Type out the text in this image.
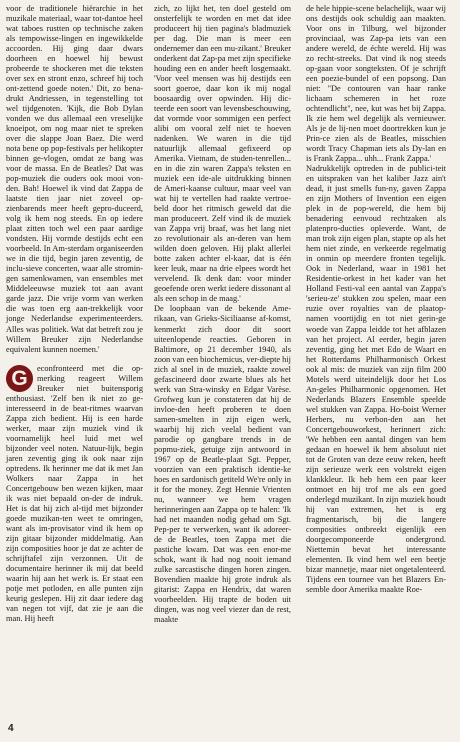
voor de traditionele hiërarchie in het muzikale materiaal, waar tot-dantoe heel wat taboes rustten op technische zaken als tempowisse-lingen en ingewikkelde accoorden. Hij ging daar dwars doorheen en hoewel hij bewust probeerde te shockeren met die teksten over sex en stront enzo, schreef hij toch ont-zettend goede noten.' Dit, zo bena-drukt Andriessen, in tegenstelling tot wel tijdgenoten. 'Kijk, die Bob Dylan vonden we dus allemaal een vreselijke knoeipot, om nog maar niet te spreken over die slappe Joan Baez. Die werd nota bene op pop-festivals per helikopter binnen ge-vlogen, omdat ze bang was voor de massa. En de Beatles? Dat was pop-muziek die ouders ook mooi von-den. Bah! Hoewel ik vind dat Zappa de laatste tien jaar niet zoveel op-zienbarends meer heeft gepro-duceerd, volg ik hem nog steeds. En op iedere plaat zitten toch wel een paar aardige vondsten. Hij vormde destijds echt een voorbeeld. In Am-sterdam organiseerden we in die tijd, begin jaren zeventig, de inclu-sieve concerten, waar alle stromin-gen samenkwamen, van ensembles met Middeleeuwse muziek tot aan avant garde jazz. Die vrije vorm van werken die was toen erg aan-trekkelijk voor jonge Nederlandse experimenteerders. Alles was politiek. Wat dat betreft zou je Willem Breuker zijn Nederlandse equivalent kunnen noemen.'

G	econfronteerd met die op-merking reageert Willem Breuker niet buitensporig enthousiast. 'Zelf ben ik niet zo ge-interesseerd in de beat-ritmes waarvan Zappa zich bedient. Hij is een harde werker, maar zijn muziek vind ik voornamelijk heel luid met wel bijzonder veel noten. Natuur-lijk, begin jaren zeventig ging ik ook naar zijn optredens. Ik herinner me dat ik met Jan Wolkers naar Zappa in het Concertgebouw ben wezen kijken, maar ik was niet bepaald on-der de indruk. Het is dat hij zich al-tijd met bijzonder goede muzikan-ten weet te omringen, want als im-provisator vind ik hem op zijn gitaar bijzonder middelmatig. Aan zijn composities hoor je dat ze achter de schrijftafel zijn verzonnen. Uit de documentaire herinner ik mij dat beeld waarin hij aan het werk is. Er staat een potje met potloden, en alle punten zijn keurig geslepen. Hij zit daar iedere dag van negen tot vijf, dat zie je aan die man. Hij heeft

zich, zo lijkt het, ten doel gesteld om onsterfelijk te worden en met dat idee produceert hij tien pagina's bladmuziek per dag. Die man is meer een ondernemer dan een mu-zikant.' Breuker onderkent dat Zap-pa met zijn specifieke houding een en ander heeft losgemaakt. 'Voor veel mensen was hij destijds een soort goeroe, daar kon ik mij nogal boosaardig over opwinden. Hij dic-teerde een soort van levensbeschouwing, dat vormde voor sommigen een perfect alibi om vooral zelf niet te hoeven nadenken. We waren in die tijd natuurlijk allemaal gefixeerd op Amerika. Vietnam, de studen-tenrellen... en in die zin waren Zappa's teksten en muziek een ide-ale uitdrukking binnen de Ameri-kaanse cultuur, maar veel van wat hij te vertellen had raakte vertroe-beld door het ritmisch geweld dat die man produceert. Zelf vind ik de muziek van Zappa vrij braaf, was het lang niet zo revolutionair als an-deren van hem wilden doen geloven. Hij plakt allerlei botte zaken achter el-kaar, dat is één keer leuk, maar na drie elpees wordt het vervelend. Ik denk dan: voor minder geoefende oren werkt iedere dissonant al als een schop in de maag.'

De loopbaan van de bekende Ame-rikaan, van Grieks-Siciliaanse af-komst, kenmerkt zich door dit soort uiteenlopende reacties. Geboren in Baltimore, op 21 december 1940, als zoon van een biochemicus, ver-diepte hij zich al snel in de muziek, raakte zowel gefascineerd door zwarte blues als het werk van Stra-winsky en Edgar Varèse. Grofweg kun je constateren dat hij de invloe-den heeft proberen te doen samen-smelten in zijn eigen werk, waarbij hij zich veelal bedient van parodie op gangbare trends in de popmu-ziek, getuige zijn antwoord in 1967 op de Beatle-plaat Sgt. Pepper, voorzien van een praktisch identie-ke hoes en sardonisch getiteld We're only in it for the money. Zegt Hennie Vrienten nu, wanneer we hem vragen herinneringen aan Zappa op te halen: 'Ik had net maanden nodig gehad om Sgt. Pep-per te verwerken, want ik adoreer-de de Beatles, toen Zappa met die pastiche kwam. Dat was een enor-me schok, want ik had nog nooit iemand zulke sarcastische dingen horen zingen. Bovendien maakte hij grote indruk als gitarist: Zappa en Hendrix, dat waren voorbeelden. Hij trapte de boden uit dingen, was nog veel viezer dan de rest, maakte

de hele hippie-scene belachelijk, waar wij ons destijds ook schuldig aan maakten. Voor ons in Tilburg, wel bijzonder provinciaal, was Zap-pa iets van een andere wereld, de échte wereld. Hij was zo recht-streeks. Dat vind ik nog steeds op-gaan voor songteksten. Of je schrijft een poezie-bundel of een popsong. Dan niet: "De contouren van haar ranke lichaam schemeren in het roze ochtendlicht", nee, kut was het bij Zappa. Ik zie hem wel degelijk als vernieuwer. Als je de lij-nen moet doortrekken kun je Prin-ce zien als de Beatles, misschien wordt Tracy Chapman iets als Dy-lan en is Frank Zappa... uhh... Frank Zappa.'

Nadrukkelijk optreden in de publici-teit en uitspraken van het kaliber Jazz ain't dead, it just smells fun-ny, gaven Zappa en zijn Mothers of Invention een eigen plek in de pop-wereld, die hem bij benadering eenvoud rechtzaken als platenpro-ducties opleverde. Want, de man trok zijn eigen plan, stapte op als het hem niet zinde, en verkeerde regelmatig in onmin op meerdere fronten tegelijk. Ook in Nederland, waar in 1981 het Residentie-orkest in het kader van het Holland Festi-val een aantal van Zappa's 'serieu-ze' stukken zou spelen, maar een ruzie over royalties van de plaatop-namen voortijdig en tot niet gerin-ge woede van Zappa leidde tot het afblazen van het project. Al eerder, begin jaren zeventig, ging het met Edo de Waart en het Rotterdams Philharmonisch Orkest ook al mis: de muziek van zijn film 200 Motels werd uiteindelijk door het Los An-geles Philharmonic opgenomen. Het Nederlands Blazers Ensemble speelde wel stukken van Zappa. Ho-boist Werner Herbers, nu verbon-den aan het Concertgebouworkest, herinnert zich: 'We hebben een aantal dingen van hem gedaan en hoewel ik hem absoluut niet tot de Groten van deze eeuw reken, heeft zijn serieuze werk een volstrekt eigen klankkleur. Ik heb hem een paar keer ontmoet en hij trof me als een goed onderlegd muzikant. In zijn muziek houdt hij van extremen, het is erg fragmentarisch, bij die langere composities ontbreekt eigenlijk een doorgecomponeerde ondergrond. Niettemin bevat het interessante elementen. Ik vind hem wel een beetje bizar mannetje, maar niet ongetalenteerd. Tijdens een tournee van het Blazers En-semble door Amerika maakte Roe-

4
